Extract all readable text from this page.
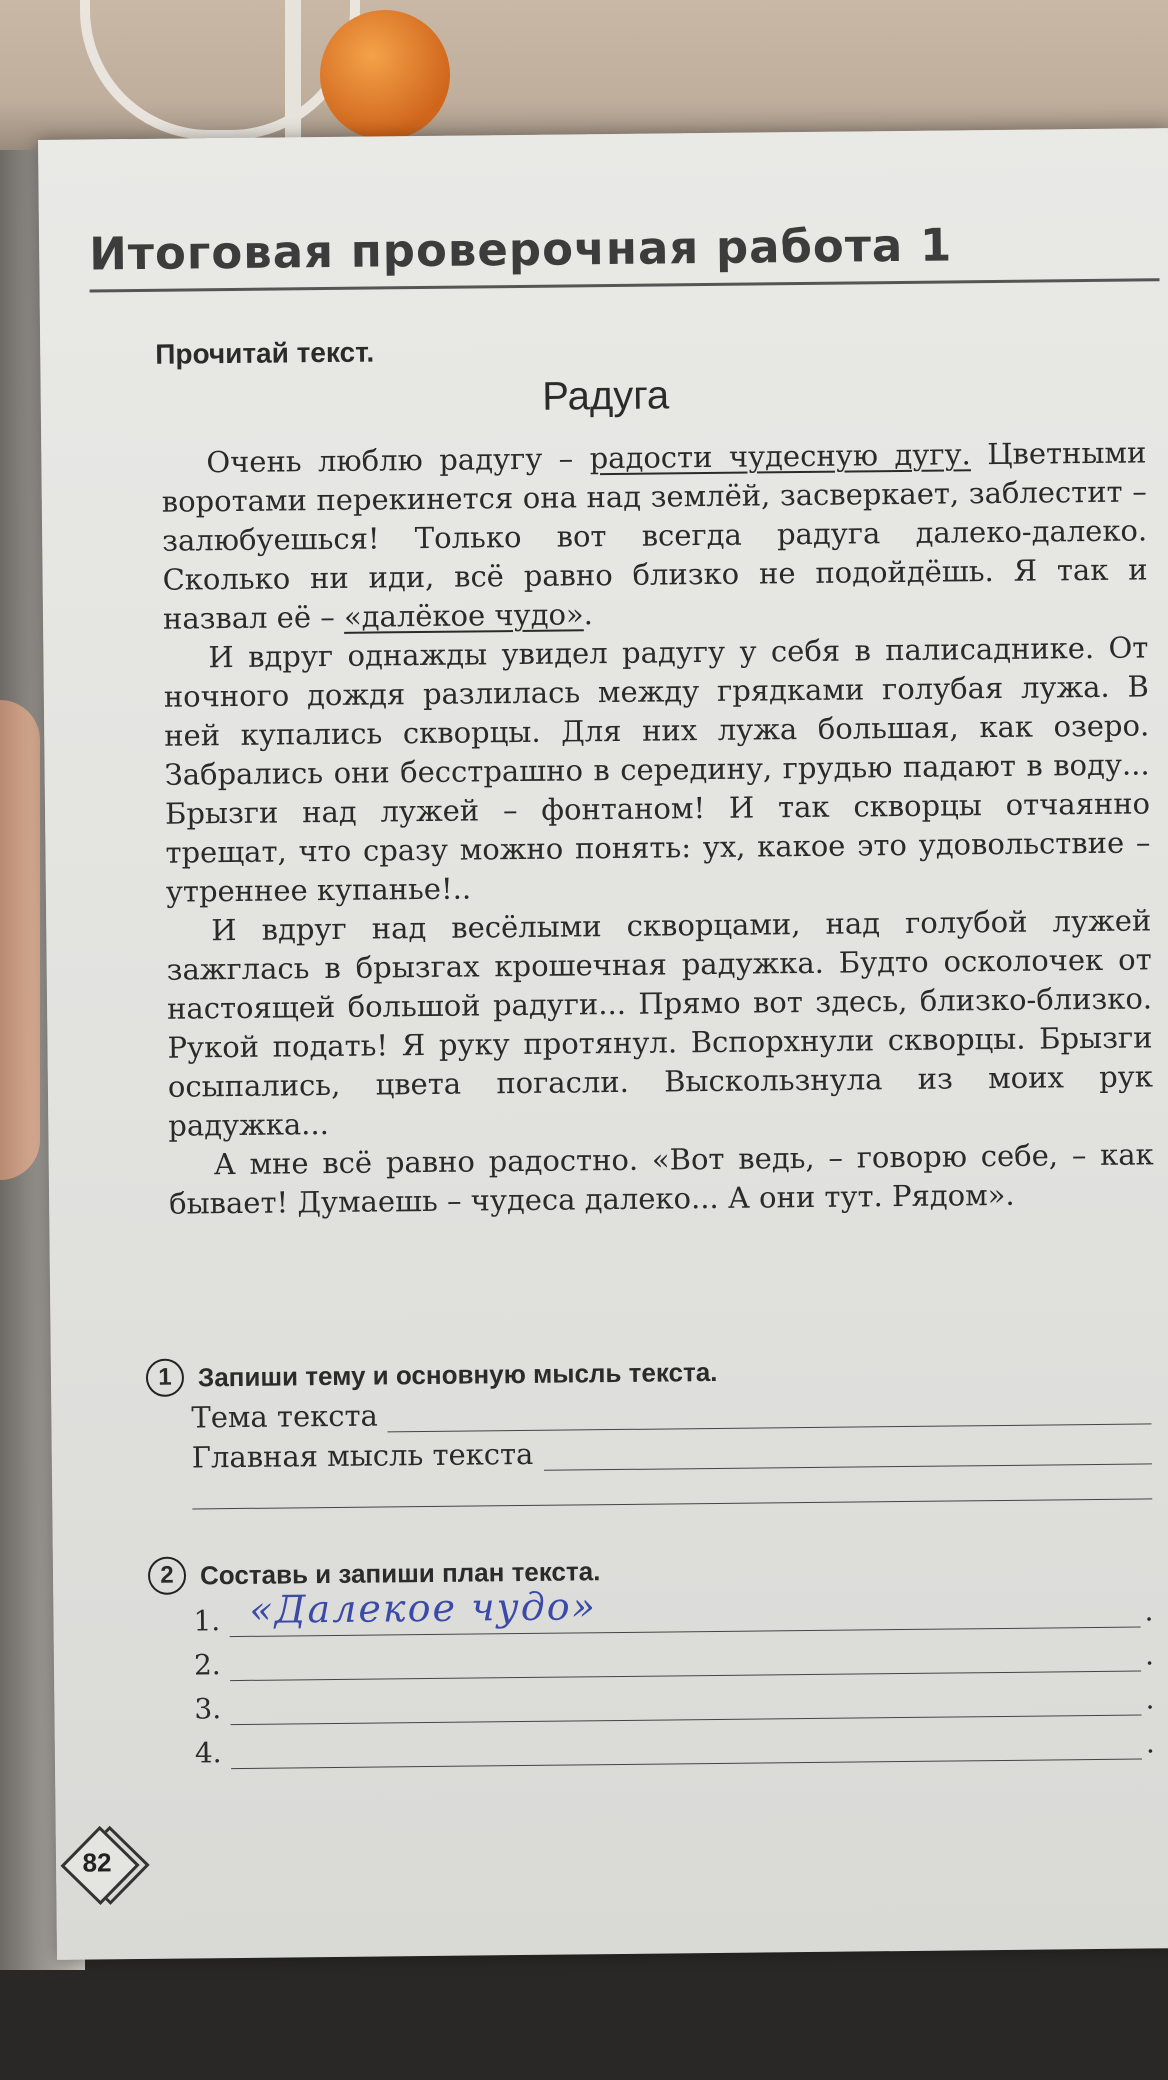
Итоговая проверочная работа 1

Прочитай текст.

Радуга

Очень люблю радугу – радости чудесную дугу. Цветными воротами перекинется она над землёй, засверкает, заблестит – залюбуешься! Только вот всегда радуга далеко-далеко. Сколько ни иди, всё равно близко не подойдёшь. Я так и назвал её – «далёкое чудо».

И вдруг однажды увидел радугу у себя в палисаднике. От ночного дождя разлилась между грядками голубая лужа. В ней купались скворцы. Для них лужа большая, как озеро. Забрались они бесстрашно в середину, грудью падают в воду... Брызги над лужей – фонтаном! И так скворцы отчаянно трещат, что сразу можно понять: ух, какое это удовольствие – утреннее купанье!..

И вдруг над весёлыми скворцами, над голубой лужей зажглась в брызгах крошечная радужка. Будто осколочек от настоящей большой радуги... Прямо вот здесь, близко-близко. Рукой подать! Я руку протянул. Вспорхнули скворцы. Брызги осыпались, цвета погасли. Выскользнула из моих рук радужка...

А мне всё равно радостно. «Вот ведь, – говорю себе, – как бывает! Думаешь – чудеса далеко... А они тут. Рядом».

1	Запиши тему и основную мысль текста.
Тема текста
Главная мысль текста
2	Составь и запиши план текста.
1. «Далекое чудо»	.
2.	.
3.	.
4.	.
82
